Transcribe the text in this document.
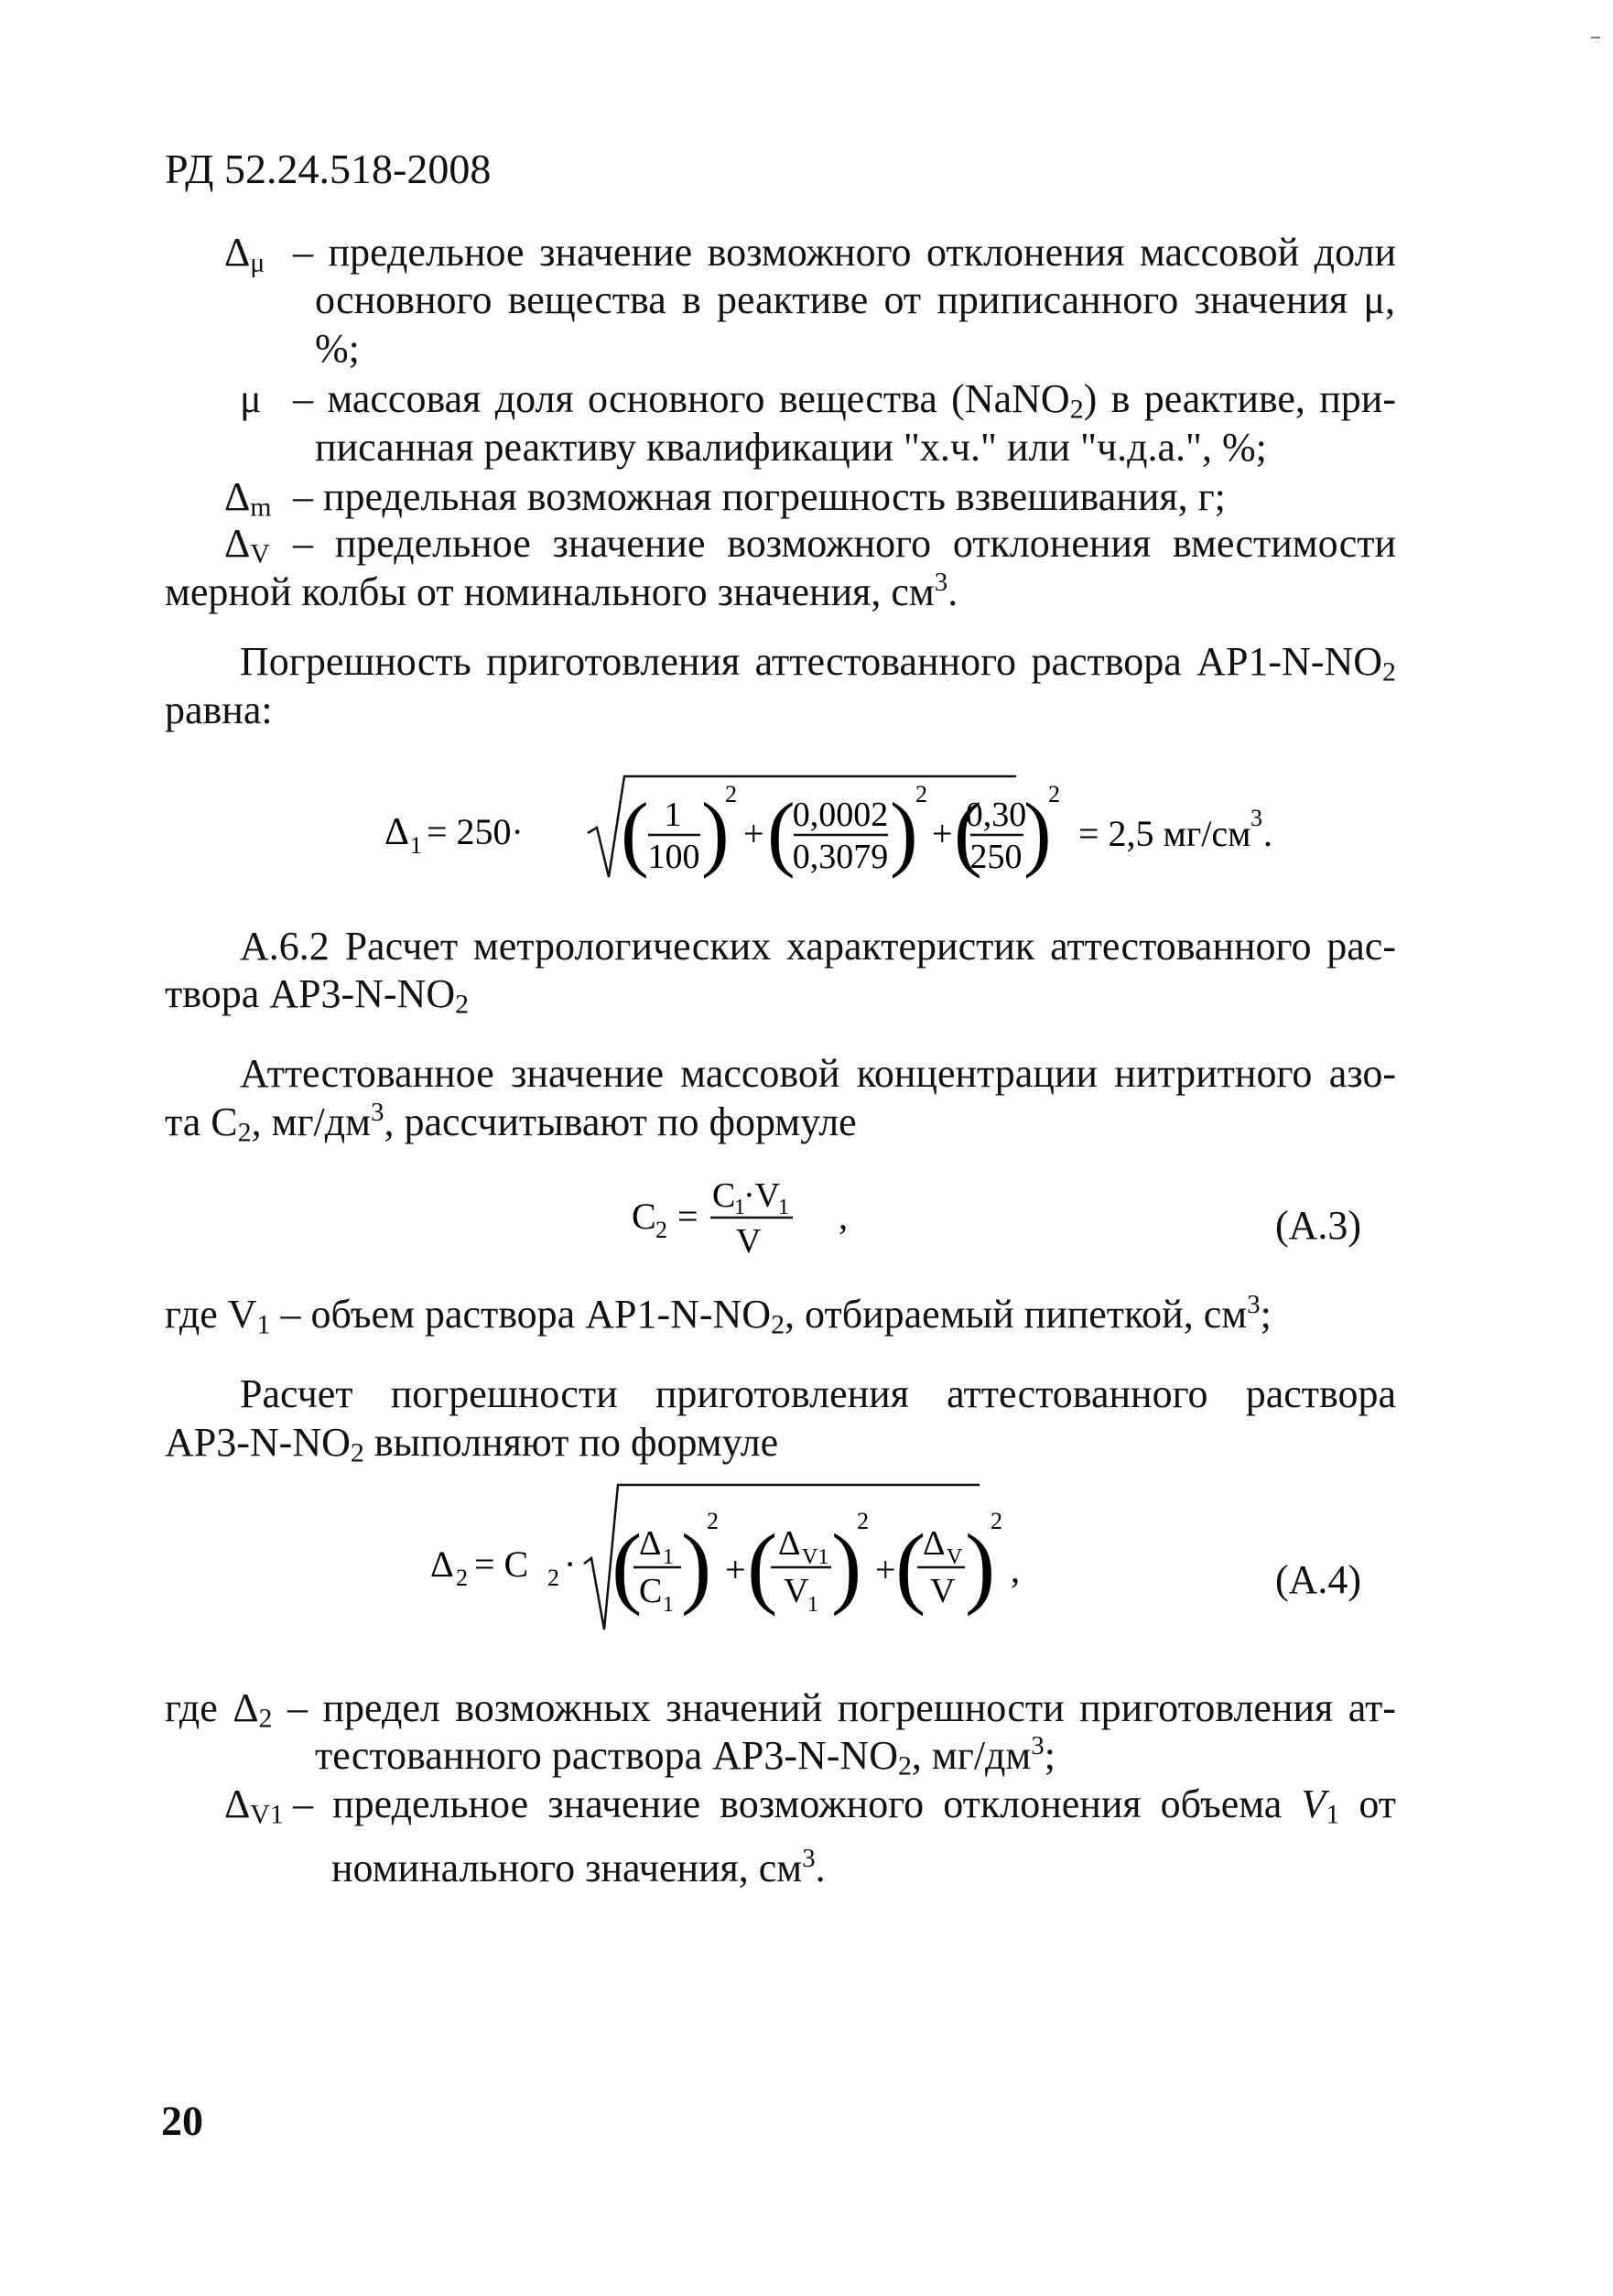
РД 52.24.518-2008
$\Delta_\mu$ – предельное значение возможного отклонения массовой доли
основного вещества в реактиве от приписанного значения μ,
%;
μ – массовая доля основного вещества (NaNO$_2$) в реактиве, при-
писанная реактиву квалификации "х.ч." или "ч.д.а.", %;
$\Delta_m$ – предельная возможная погрешность взвешивания, г;
$\Delta_V$ – предельное значение возможного отклонения вместимости
мерной колбы от номинального значения, $см^3$.
Погрешность приготовления аттестованного раствора $АР1-N-NO_2$
равна:
Δ 1 = 250· ( 1
100 )
2
+ (
0,0002
0,3079 )
2
+ (
0,30
250 )
2
= 2,5 мг/см 3 .
А.6.2 Расчет метрологических характеристик аттестованного рас-
твора $АР3-N-NO_2$
Аттестованное значение массовой концентрации нитритного азо-
та $С_2$, $мг/дм^3$, рассчитывают по формуле
C 2 = C
1
·V
1
V
,	(А.3)
где $V_1$ – объем раствора $АР1-N-NO_2$, отбираемый пипеткой, $см^3$;
Расчет погрешности приготовления аттестованного раствора
$АР3-N-NO_2$ выполняют по формуле
Δ 2 = C 2 · (
Δ 1
C 1 )
2
+ ( Δ V1
V
1 )
2
+ (
Δ V
V )
2
,	(А.4)
где $\Delta_2$ – предел возможных значений погрешности приготовления ат-
тестованного раствора $АР3-N-NO_2$, $мг/дм^3$;
$\Delta_{V1}$ – предельное значение возможного отклонения объема $V_1$ от
номинального значения, $см^3$.
20
